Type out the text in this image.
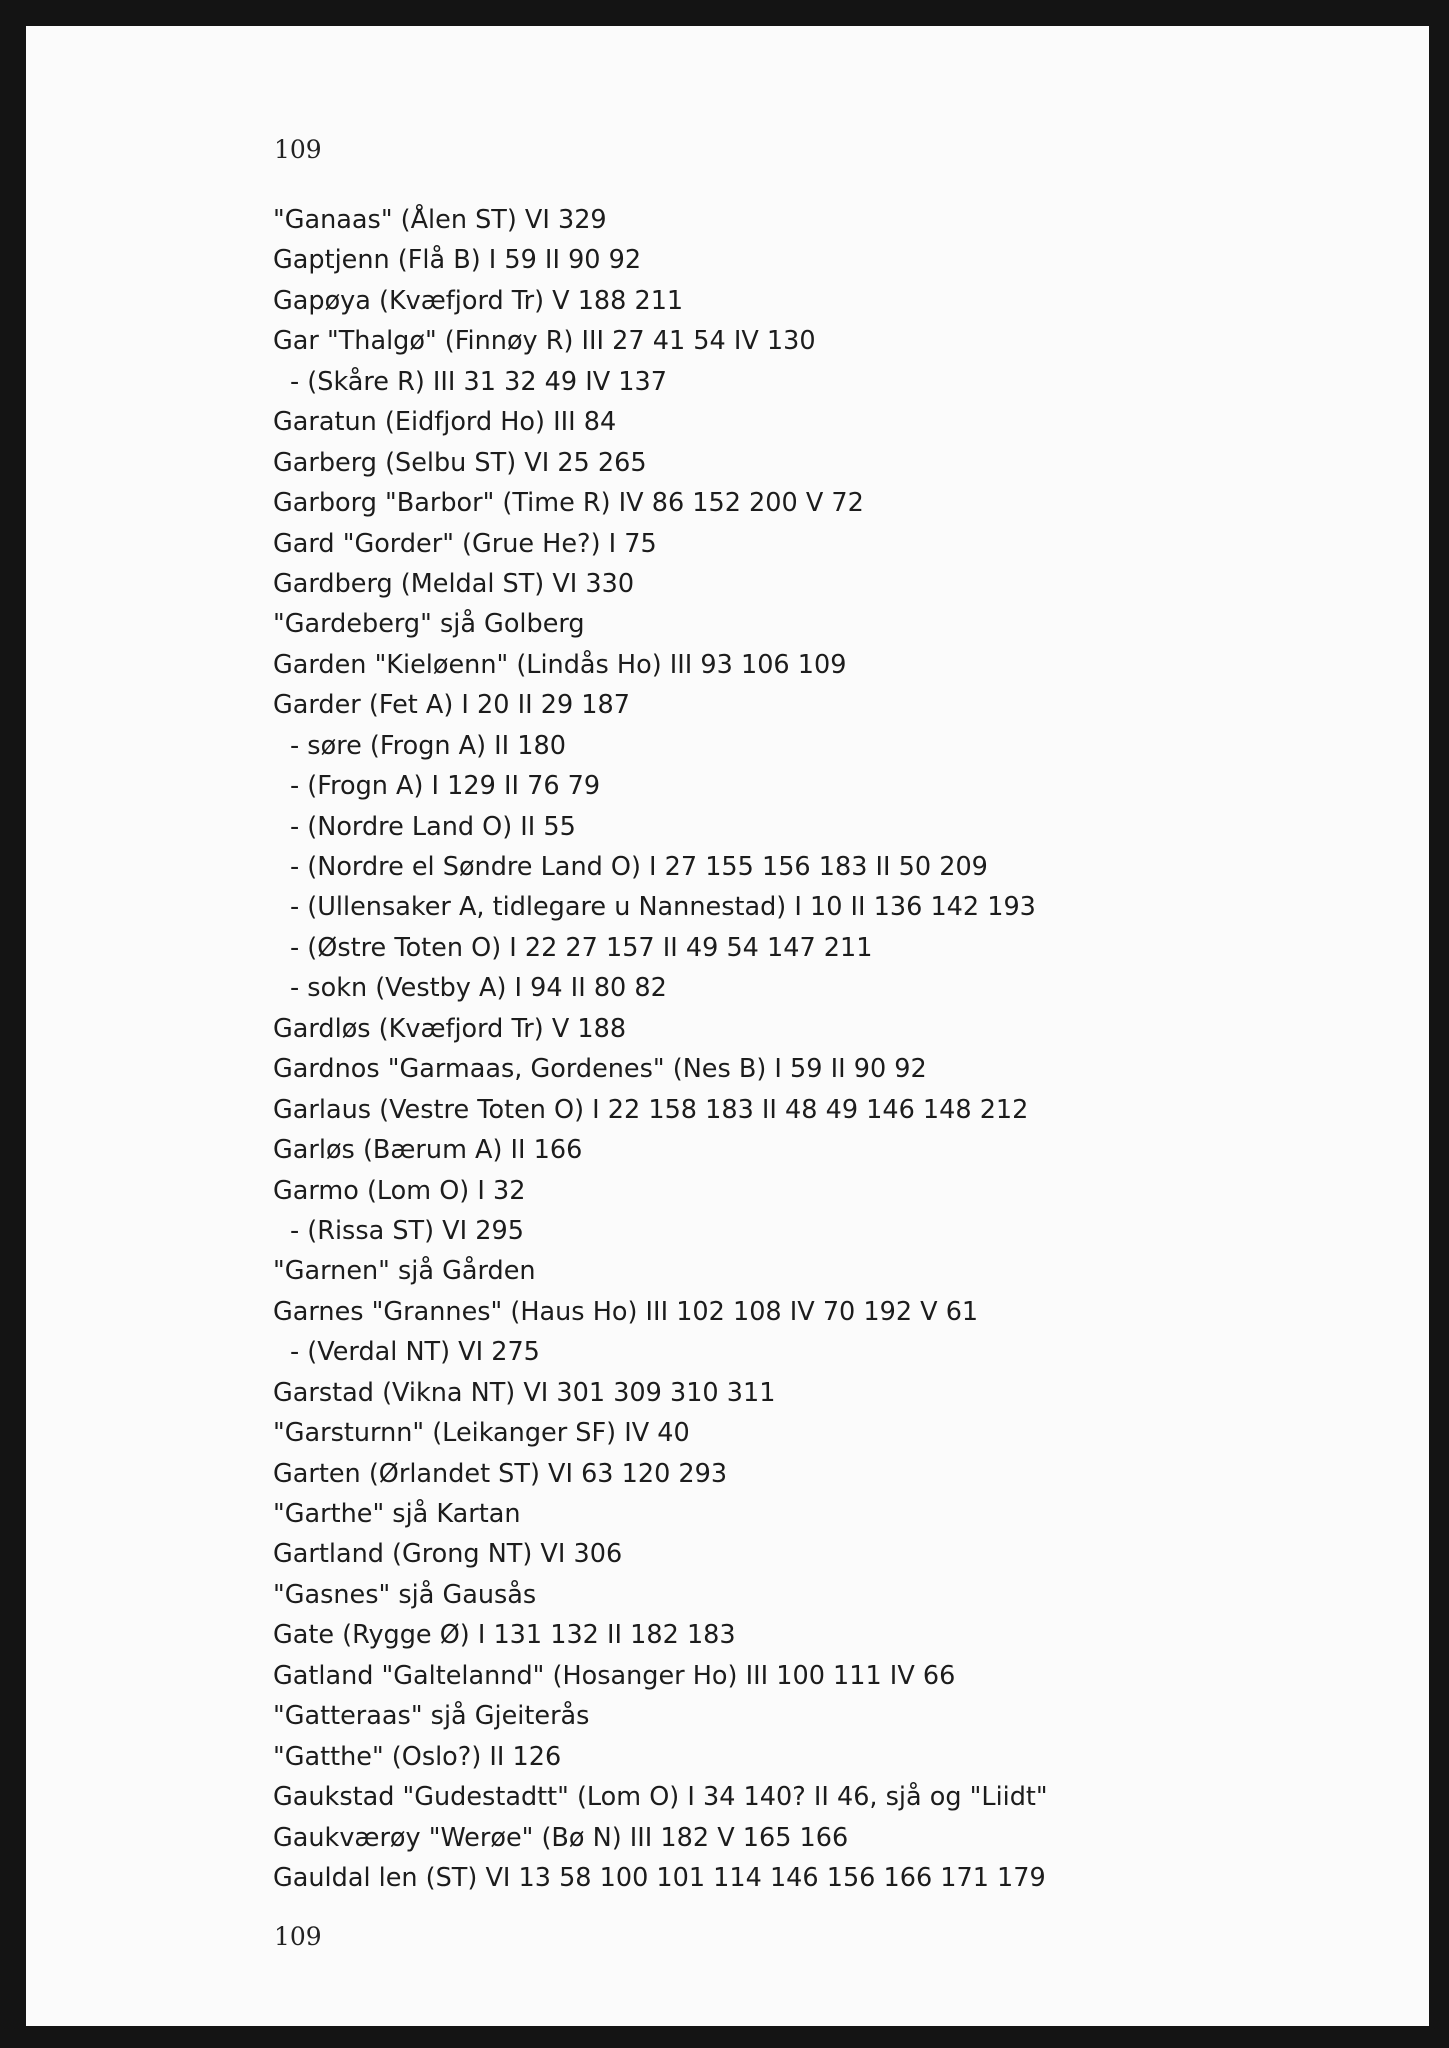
109
"Ganaas" (Ålen ST) VI 329
Gaptjenn (Flå B) I 59 II 90 92
Gapøya (Kvæfjord Tr) V 188 211
Gar "Thalgø" (Finnøy R) III 27 41 54 IV 130
- (Skåre R) III 31 32 49 IV 137
Garatun (Eidfjord Ho) III 84
Garberg (Selbu ST) VI 25 265
Garborg "Barbor" (Time R) IV 86 152 200 V 72
Gard "Gorder" (Grue He?) I 75
Gardberg (Meldal ST) VI 330
"Gardeberg" sjå Golberg
Garden "Kieløenn" (Lindås Ho) III 93 106 109
Garder (Fet A) I 20 II 29 187
- søre (Frogn A) II 180
- (Frogn A) I 129 II 76 79
- (Nordre Land O) II 55
- (Nordre el Søndre Land O) I 27 155 156 183 II 50 209
- (Ullensaker A, tidlegare u Nannestad) I 10 II 136 142 193
- (Østre Toten O) I 22 27 157 II 49 54 147 211
- sokn (Vestby A) I 94 II 80 82
Gardløs (Kvæfjord Tr) V 188
Gardnos "Garmaas, Gordenes" (Nes B) I 59 II 90 92
Garlaus (Vestre Toten O) I 22 158 183 II 48 49 146 148 212
Garløs (Bærum A) II 166
Garmo (Lom O) I 32
- (Rissa ST) VI 295
"Garnen" sjå Gården
Garnes "Grannes" (Haus Ho) III 102 108 IV 70 192 V 61
- (Verdal NT) VI 275
Garstad (Vikna NT) VI 301 309 310 311
"Garsturnn" (Leikanger SF) IV 40
Garten (Ørlandet ST) VI 63 120 293
"Garthe" sjå Kartan
Gartland (Grong NT) VI 306
"Gasnes" sjå Gausås
Gate (Rygge Ø) I 131 132 II 182 183
Gatland "Galtelannd" (Hosanger Ho) III 100 111 IV 66
"Gatteraas" sjå Gjeiterås
"Gatthe" (Oslo?) II 126
Gaukstad "Gudestadtt" (Lom O) I 34 140? II 46, sjå og "Liidt"
Gaukværøy "Werøe" (Bø N) III 182 V 165 166
Gauldal len (ST) VI 13 58 100 101 114 146 156 166 171 179
109
